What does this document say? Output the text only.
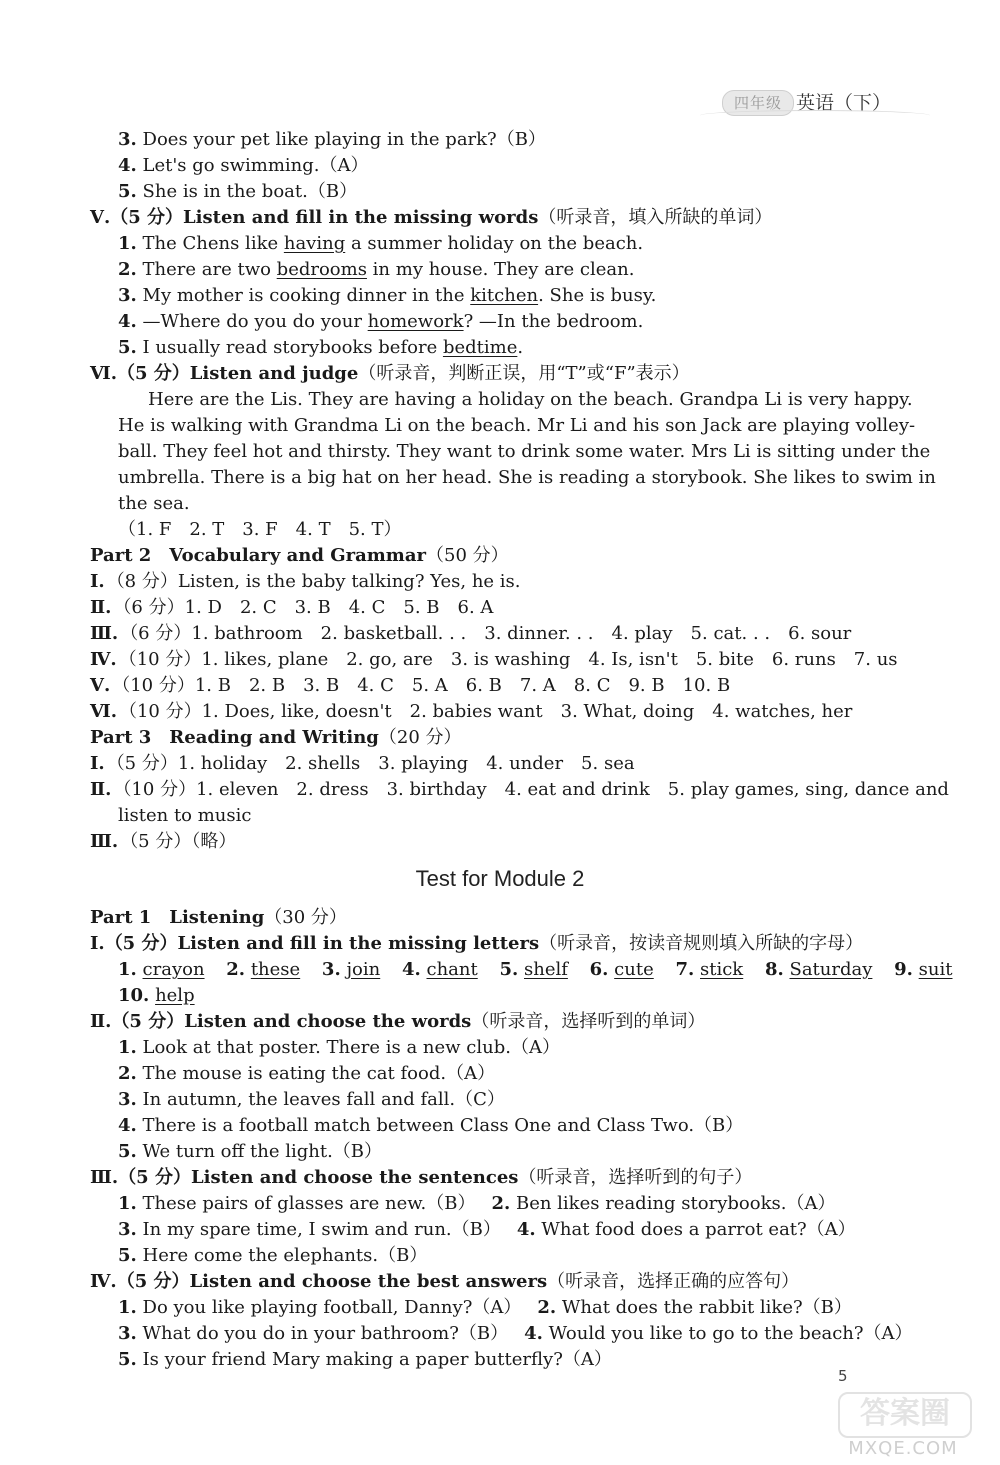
四年级 英语（下）
3. Does your pet like playing in the park?（B）
4. Let's go swimming.（A）
5. She is in the boat.（B）
Ⅴ.（5 分）Listen and fill in the missing words（听录音，填入所缺的单词）
1. The Chens like having a summer holiday on the beach.
2. There are two bedrooms in my house. They are clean.
3. My mother is cooking dinner in the kitchen. She is busy.
4. —Where do you do your homework? —In the bedroom.
5. I usually read storybooks before bedtime.
Ⅵ.（5 分）Listen and judge（听录音，判断正误，用“T”或“F”表示）
Here are the Lis. They are having a holiday on the beach. Grandpa Li is very happy.
He is walking with Grandma Li on the beach. Mr Li and his son Jack are playing volley-
ball. They feel hot and thirsty. They want to drink some water. Mrs Li is sitting under the
umbrella. There is a big hat on her head. She is reading a storybook. She likes to swim in
the sea.
（1. F　2. T　3. F　4. T　5. T）
Part 2　Vocabulary and Grammar（50 分）
Ⅰ. （8 分）Listen, is the baby talking? Yes, he is.
Ⅱ. （6 分）1. D　2. C　3. B　4. C　5. B　6. A
Ⅲ. （6 分）1. bathroom　2. basketball. . .　3. dinner. . .　4. play　5. cat. . .　6. sour
Ⅳ. （10 分）1. likes, plane　2. go, are　3. is washing　4. Is, isn't　5. bite　6. runs　7. us
Ⅴ. （10 分）1. B　2. B　3. B　4. C　5. A　6. B　7. A　8. C　9. B　10. B
Ⅵ. （10 分）1. Does, like, doesn't　2. babies want　3. What, doing　4. watches, her
Part 3　Reading and Writing（20 分）
Ⅰ. （5 分）1. holiday　2. shells　3. playing　4. under　5. sea
Ⅱ. （10 分）1. eleven　2. dress　3. birthday　4. eat and drink　5. play games, sing, dance and
listen to music
Ⅲ. （5 分）（略）
Test for Module 2
Part 1　Listening（30 分）
Ⅰ.（5 分）Listen and fill in the missing letters（听录音，按读音规则填入所缺的字母）
1. crayon 2. these 3. join 4. chant 5. shelf 6. cute 7. stick 8. Saturday 9. suit
10. help
Ⅱ.（5 分）Listen and choose the words（听录音，选择听到的单词）
1. Look at that poster. There is a new club.（A）
2. The mouse is eating the cat food.（A）
3. In autumn, the leaves fall and fall.（C）
4. There is a football match between Class One and Class Two.（B）
5. We turn off the light.（B）
Ⅲ.（5 分）Listen and choose the sentences（听录音，选择听到的句子）
1. These pairs of glasses are new.（B） 2. Ben likes reading storybooks.（A）
3. In my spare time, I swim and run.（B） 4. What food does a parrot eat?（A）
5. Here come the elephants.（B）
Ⅳ.（5 分）Listen and choose the best answers（听录音，选择正确的应答句）
1. Do you like playing football, Danny?（A） 2. What does the rabbit like?（B）
3. What do you do in your bathroom?（B） 4. Would you like to go to the beach?（A）
5. Is your friend Mary making a paper butterfly?（A）
5
答案圈
MXQE.COM
